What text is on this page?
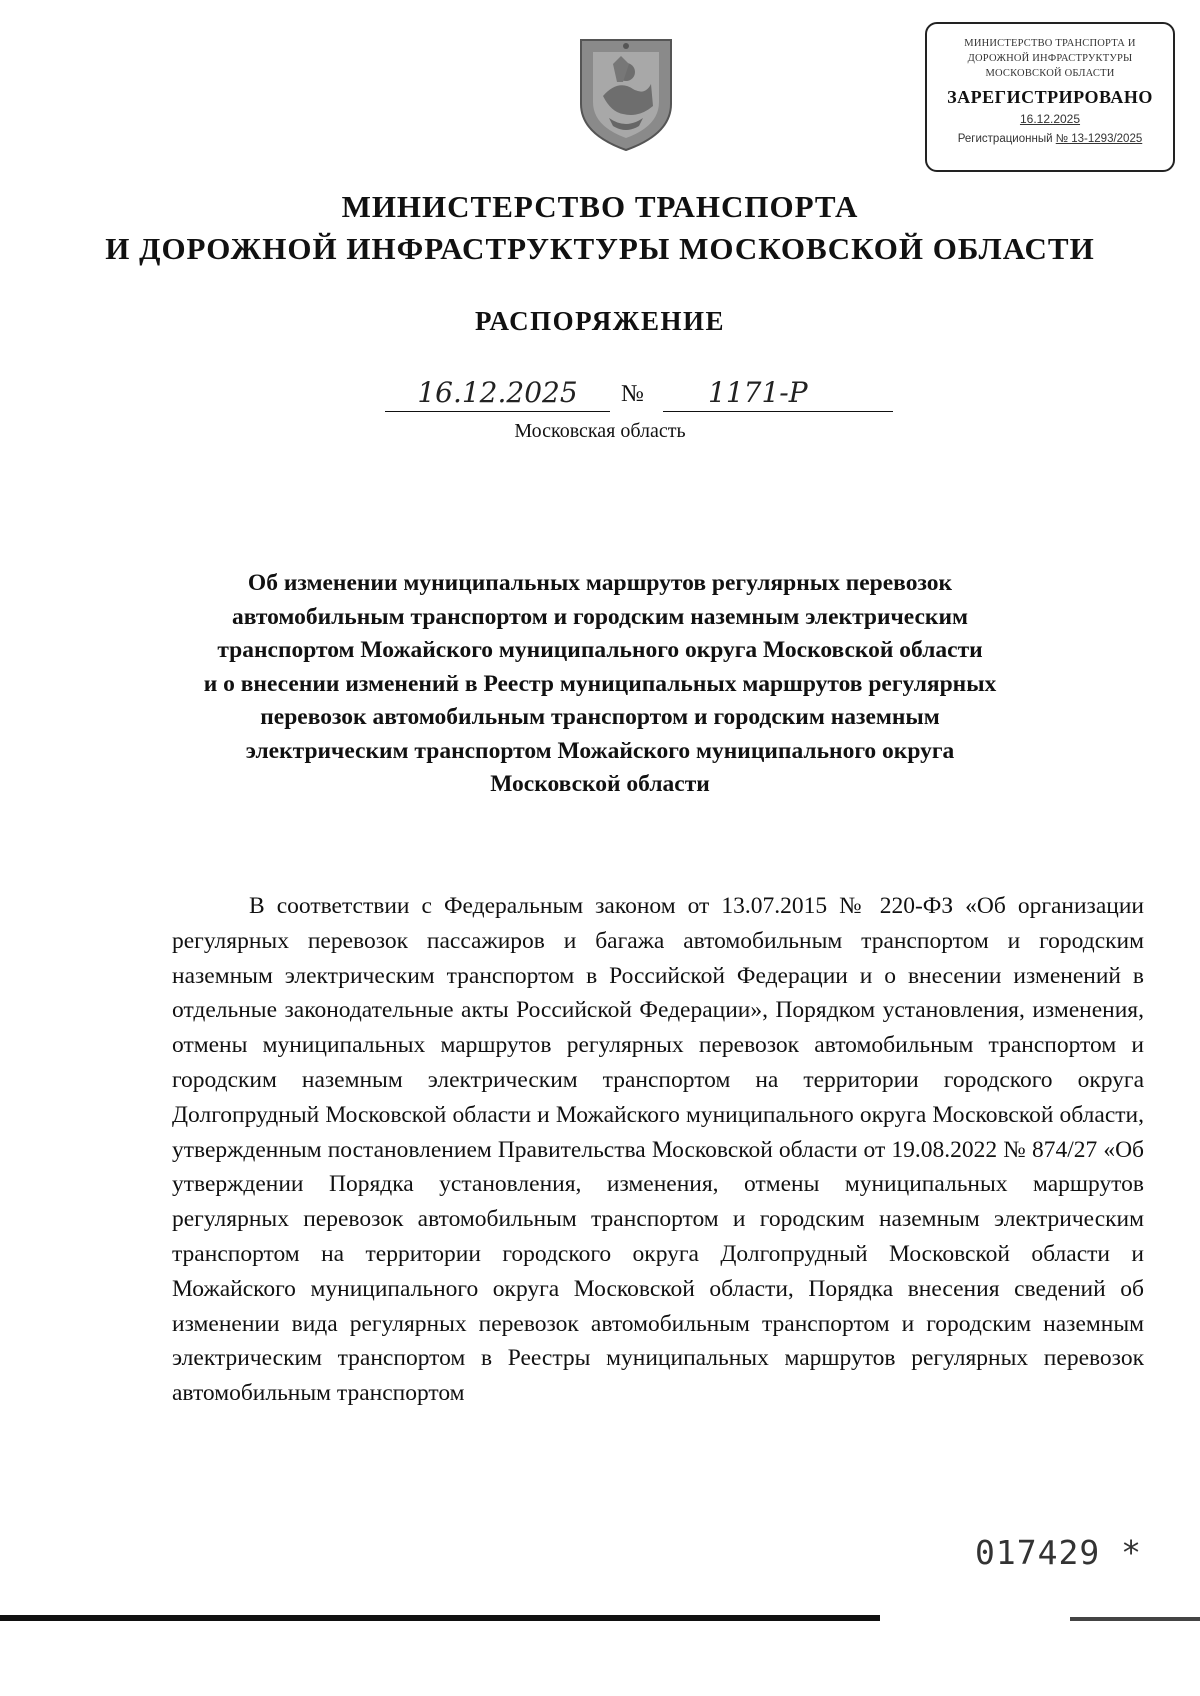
МИНИСТЕРСТВО ТРАНСПОРТА И
ДОРОЖНОЙ ИНФРАСТРУКТУРЫ
МОСКОВСКОЙ ОБЛАСТИ
ЗАРЕГИСТРИРОВАНО
16.12.2025
Регистрационный № 13-1293/2025
МИНИСТЕРСТВО ТРАНСПОРТА
И ДОРОЖНОЙ ИНФРАСТРУКТУРЫ МОСКОВСКОЙ ОБЛАСТИ
РАСПОРЯЖЕНИЕ
16.12.2025	№	1171-Р
Московская область
Об изменении муниципальных маршрутов регулярных перевозок
автомобильным транспортом и городским наземным электрическим
транспортом Можайского муниципального округа Московской области
и о внесении изменений в Реестр муниципальных маршрутов регулярных
перевозок автомобильным транспортом и городским наземным
электрическим транспортом Можайского муниципального округа
Московской области

В соответствии с Федеральным законом от 13.07.2015 № 220-ФЗ «Об организации регулярных перевозок пассажиров и багажа автомобильным транспортом и городским наземным электрическим транспортом в Российской Федерации и о внесении изменений в отдельные законодательные акты Российской Федерации», Порядком установления, изменения, отмены муниципальных маршрутов регулярных перевозок автомобильным транспортом и городским наземным электрическим транспортом на территории городского округа Долгопрудный Московской области и Можайского муниципального округа Московской области, утвержденным постановлением Правительства Московской области от 19.08.2022 № 874/27 «Об утверждении Порядка установления, изменения, отмены муниципальных маршрутов регулярных перевозок автомобильным транспортом и городским наземным электрическим транспортом на территории городского округа Долгопрудный Московской области и Можайского муниципального округа Московской области, Порядка внесения сведений об изменении вида регулярных перевозок автомобильным транспортом и городским наземным электрическим транспортом в Реестры муниципальных маршрутов регулярных перевозок автомобильным транспортом

017429 *
